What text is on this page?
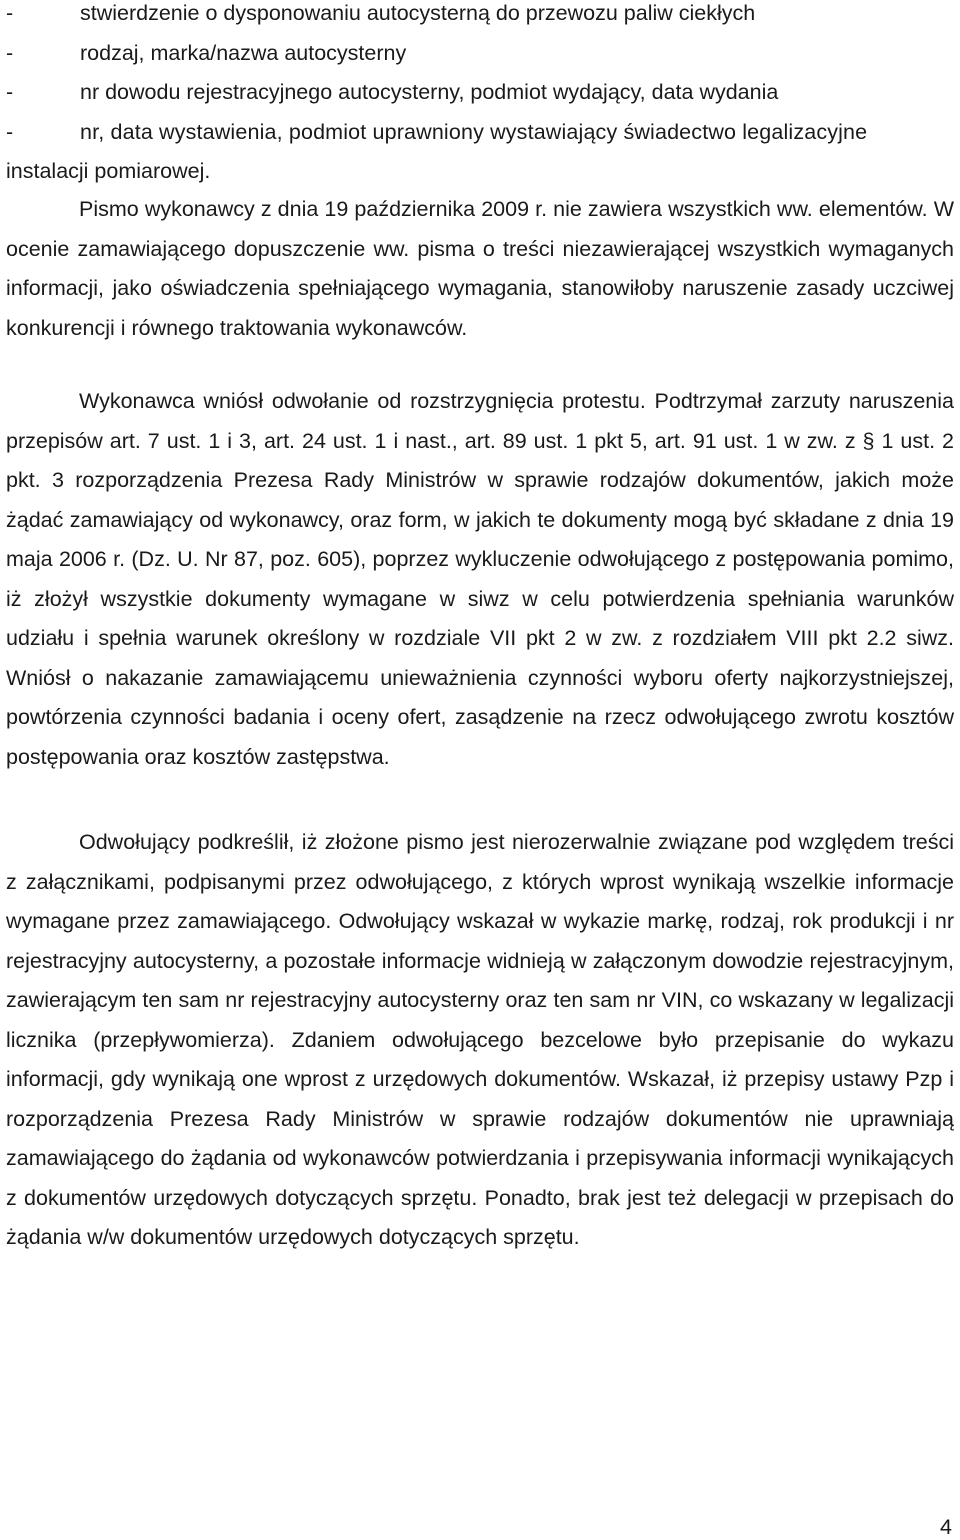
-	stwierdzenie o dysponowaniu autocysterną do przewozu paliw ciekłych
-	rodzaj, marka/nazwa autocysterny
-	nr dowodu rejestracyjnego autocysterny, podmiot wydający, data wydania
-	nr, data wystawienia, podmiot uprawniony wystawiający świadectwo legalizacyjne
instalacji pomiarowej.
Pismo wykonawcy z dnia 19 października 2009 r. nie zawiera wszystkich ww. elementów. W ocenie zamawiającego dopuszczenie ww. pisma o treści niezawierającej wszystkich wymaganych informacji, jako oświadczenia spełniającego wymagania, stanowiłoby naruszenie zasady uczciwej konkurencji i równego traktowania wykonawców.
Wykonawca wniósł odwołanie od rozstrzygnięcia protestu. Podtrzymał zarzuty naruszenia przepisów art. 7 ust. 1 i 3, art. 24 ust. 1 i nast., art. 89 ust. 1 pkt 5, art. 91 ust. 1 w zw. z § 1 ust. 2 pkt. 3 rozporządzenia Prezesa Rady Ministrów w sprawie rodzajów dokumentów, jakich może żądać zamawiający od wykonawcy, oraz form, w jakich te dokumenty mogą być składane z dnia 19 maja 2006 r. (Dz. U. Nr 87, poz. 605), poprzez wykluczenie odwołującego z postępowania pomimo, iż złożył wszystkie dokumenty wymagane w siwz w celu potwierdzenia spełniania warunków udziału i spełnia warunek określony w rozdziale VII pkt 2 w zw. z rozdziałem VIII pkt 2.2 siwz. Wniósł o nakazanie zamawiającemu unieważnienia czynności wyboru oferty najkorzystniejszej, powtórzenia czynności badania i oceny ofert, zasądzenie na rzecz odwołującego zwrotu kosztów postępowania oraz kosztów zastępstwa.
Odwołujący podkreślił, iż złożone pismo jest nierozerwalnie związane pod względem treści z załącznikami, podpisanymi przez odwołującego, z których wprost wynikają wszelkie informacje wymagane przez zamawiającego. Odwołujący wskazał w wykazie markę, rodzaj, rok produkcji i nr rejestracyjny autocysterny, a pozostałe informacje widnieją w załączonym dowodzie rejestracyjnym, zawierającym ten sam nr rejestracyjny autocysterny oraz ten sam nr VIN, co wskazany w legalizacji licznika (przepływomierza). Zdaniem odwołującego bezcelowe było przepisanie do wykazu informacji, gdy wynikają one wprost z urzędowych dokumentów. Wskazał, iż przepisy ustawy Pzp i rozporządzenia Prezesa Rady Ministrów w sprawie rodzajów dokumentów nie uprawniają zamawiającego do żądania od wykonawców potwierdzania i przepisywania informacji wynikających z dokumentów urzędowych dotyczących sprzętu. Ponadto, brak jest też delegacji w przepisach do żądania w/w dokumentów urzędowych dotyczących sprzętu.
4
